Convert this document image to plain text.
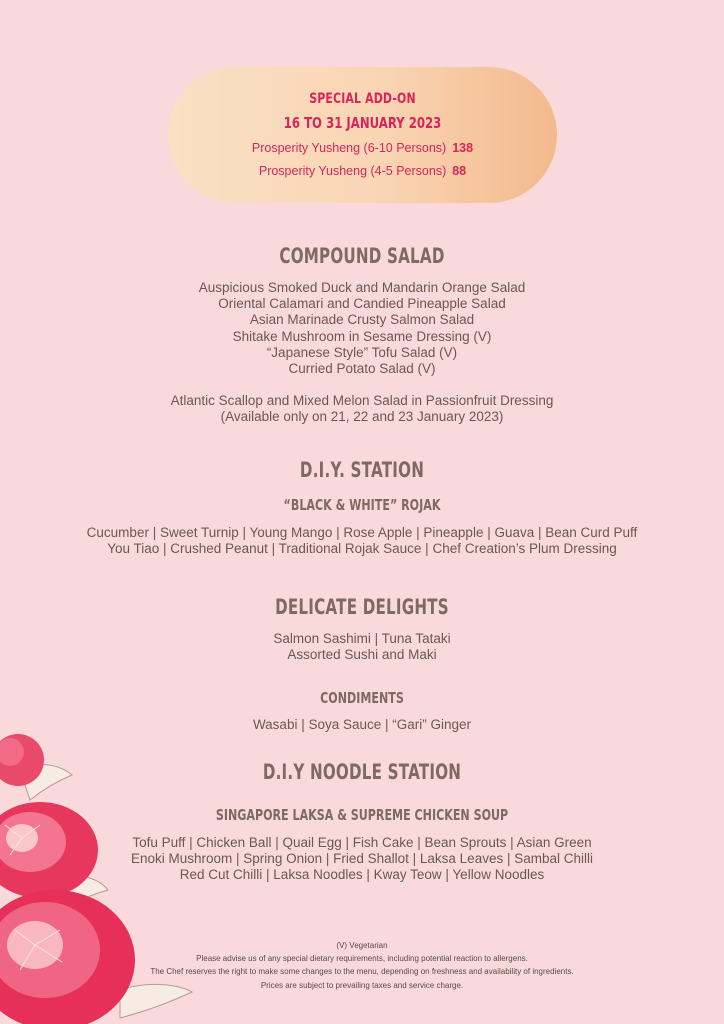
SPECIAL ADD-ON
16 TO 31 JANUARY 2023
Prosperity Yusheng (6-10 Persons) 138
Prosperity Yusheng (4-5 Persons) 88
COMPOUND SALAD
Auspicious Smoked Duck and Mandarin Orange Salad
Oriental Calamari and Candied Pineapple Salad
Asian Marinade Crusty Salmon Salad
Shitake Mushroom in Sesame Dressing (V)
“Japanese Style” Tofu Salad (V)
Curried Potato Salad (V)
Atlantic Scallop and Mixed Melon Salad in Passionfruit Dressing
(Available only on 21, 22 and 23 January 2023)
D.I.Y. STATION
“BLACK & WHITE” ROJAK
Cucumber | Sweet Turnip | Young Mango | Rose Apple | Pineapple | Guava | Bean Curd Puff
You Tiao | Crushed Peanut | Traditional Rojak Sauce | Chef Creation’s Plum Dressing
DELICATE DELIGHTS
Salmon Sashimi | Tuna Tataki
Assorted Sushi and Maki
CONDIMENTS
Wasabi | Soya Sauce | “Gari” Ginger
D.I.Y NOODLE STATION
SINGAPORE LAKSA & SUPREME CHICKEN SOUP
Tofu Puff | Chicken Ball | Quail Egg | Fish Cake | Bean Sprouts | Asian Green
Enoki Mushroom | Spring Onion | Fried Shallot | Laksa Leaves | Sambal Chilli
Red Cut Chilli | Laksa Noodles | Kway Teow | Yellow Noodles
(V) Vegetarian
Please advise us of any special dietary requirements, including potential reaction to allergens.
The Chef reserves the right to make some changes to the menu, depending on freshness and availability of ingredients.
Prices are subject to prevailing taxes and service charge.
